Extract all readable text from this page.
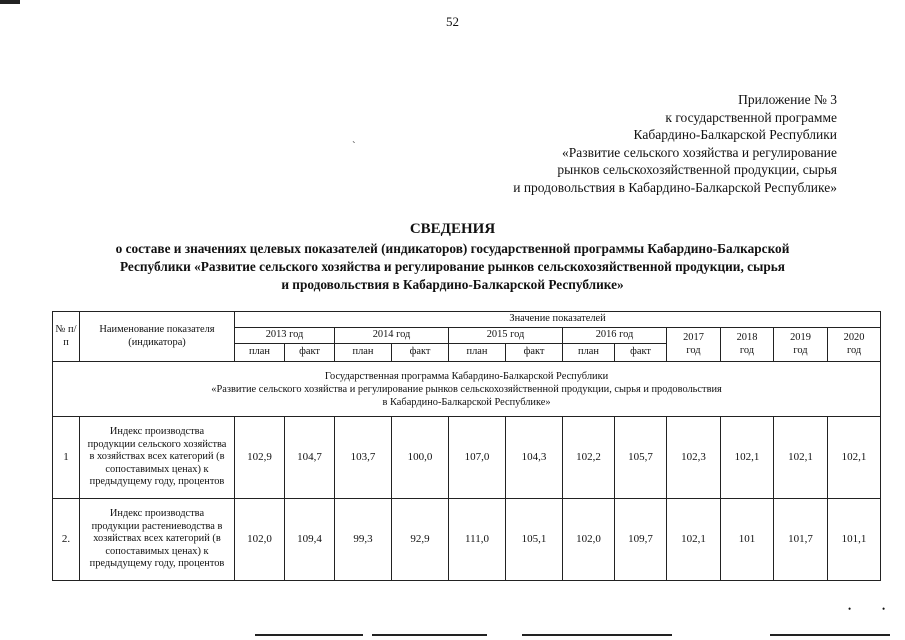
52
`
Приложение № 3
к государственной программе
Кабардино-Балкарской Республики
«Развитие сельского хозяйства и регулирование
рынков сельскохозяйственной продукции, сырья
и продовольствия в Кабардино-Балкарской Республике»
СВЕДЕНИЯ
о составе и значениях целевых показателей (индикаторов) государственной программы Кабардино-Балкарской
Республики «Развитие сельского хозяйства и регулирование рынков сельскохозяйственной продукции, сырья
и продовольствия в Кабардино-Балкарской Республике»
№ п/п	Наименование показателя (индикатора)	Значение показателей											
		2013 год		2014 год		2015 год		2016 год		2017 год	2018 год	2019 год	2020 год
		план	факт	план	факт	план	факт	план	факт				

Государственная программа Кабардино-Балкарской Республики
«Развитие сельского хозяйства и регулирование рынков сельскохозяйственной продукции, сырья и продовольствия
в Кабардино-Балкарской Республике»													

1	Индекс производства продукции сельского хозяйства в хозяйствах всех категорий (в сопоставимых ценах) к предыдущему году, процентов	102,9	104,7	103,7	100,0	107,0	104,3	102,2	105,7	102,3	102,1	102,1	102,1
2.	Индекс производства продукции растениеводства в хозяйствах всех категорий (в сопоставимых ценах) к предыдущему году, процентов	102,0	109,4	99,3	92,9	111,0	105,1	102,0	109,7	102,1	101	101,7	101,1
•	•
